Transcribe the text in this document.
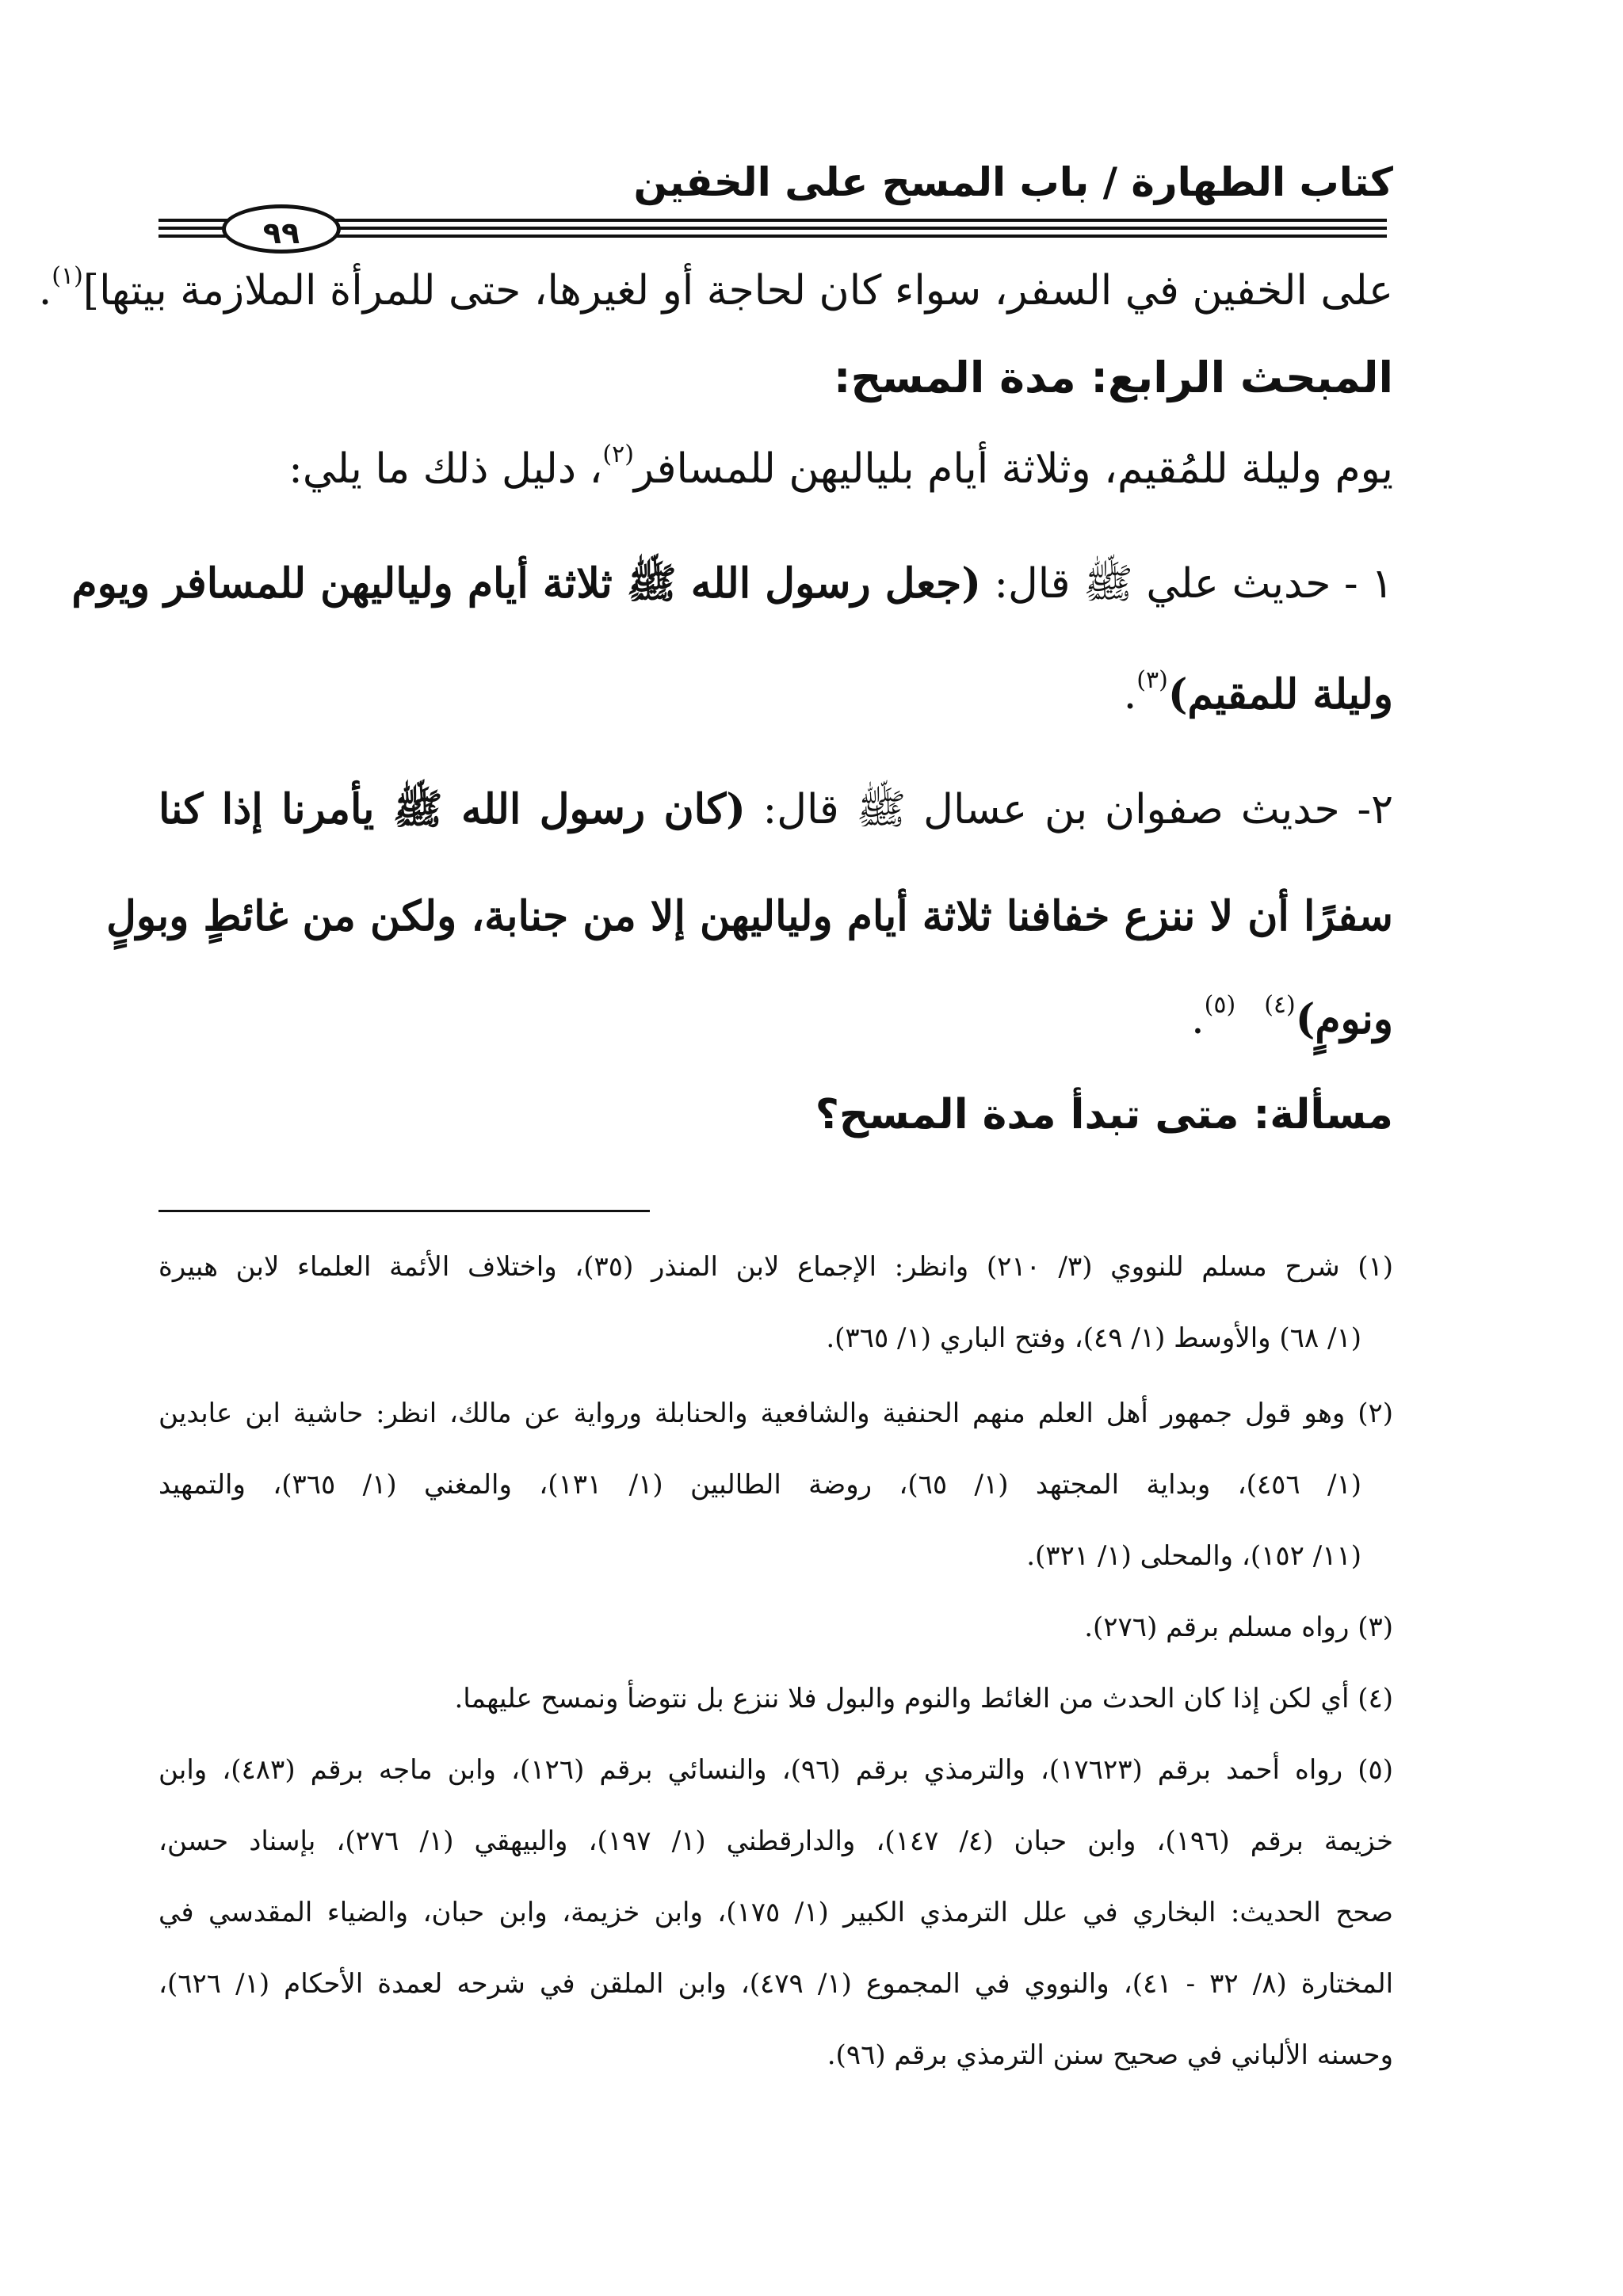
كتاب الطهارة / باب المسح على الخفين
٩٩
على الخفين في السفر، سواء كان لحاجة أو لغيرها، حتى للمرأة الملازمة بيتها]$^{(١)}$.
المبحث الرابع: مدة المسح:
يوم وليلة للمُقيم، وثلاثة أيام بلياليهن للمسافر$^{(٢)}$، دليل ذلك ما يلي:
١ - حديث علي ﷺ قال: (جعل رسول الله ﷺ ثلاثة أيام ولياليهن للمسافر ويوم
وليلة للمقيم)$^{(٣)}$.
٢- حديث صفوان بن عسال ﷺ قال: (كان رسول الله ﷺ يأمرنا إذا كنا
سفرًا أن لا ننزع خفافنا ثلاثة أيام ولياليهن إلا من جنابة، ولكن من غائطٍ وبولٍ
ونومٍ)$^{(٤)(٥)}$.
مسألة: متى تبدأ مدة المسح؟
(١) شرح مسلم للنووي (٣/ ٢١٠) وانظر: الإجماع لابن المنذر (٣٥)، واختلاف الأئمة العلماء لابن هبيرة
(١/ ٦٨) والأوسط (١/ ٤٩)، وفتح الباري (١/ ٣٦٥).
(٢) وهو قول جمهور أهل العلم منهم الحنفية والشافعية والحنابلة ورواية عن مالك، انظر: حاشية ابن عابدين
(١/ ٤٥٦)، وبداية المجتهد (١/ ٦٥)، روضة الطالبين (١/ ١٣١)، والمغني (١/ ٣٦٥)، والتمهيد
(١١/ ١٥٢)، والمحلى (١/ ٣٢١).
(٣) رواه مسلم برقم (٢٧٦).
(٤) أي لكن إذا كان الحدث من الغائط والنوم والبول فلا ننزع بل نتوضأ ونمسح عليهما.
(٥) رواه أحمد برقم (١٧٦٢٣)، والترمذي برقم (٩٦)، والنسائي برقم (١٢٦)، وابن ماجه برقم (٤٨٣)، وابن
خزيمة برقم (١٩٦)، وابن حبان (٤/ ١٤٧)، والدارقطني (١/ ١٩٧)، والبيهقي (١/ ٢٧٦)، بإسناد حسن،
صحح الحديث: البخاري في علل الترمذي الكبير (١/ ١٧٥)، وابن خزيمة، وابن حبان، والضياء المقدسي في
المختارة (٨/ ٣٢ - ٤١)، والنووي في المجموع (١/ ٤٧٩)، وابن الملقن في شرحه لعمدة الأحكام (١/ ٦٢٦)،
وحسنه الألباني في صحيح سنن الترمذي برقم (٩٦).
